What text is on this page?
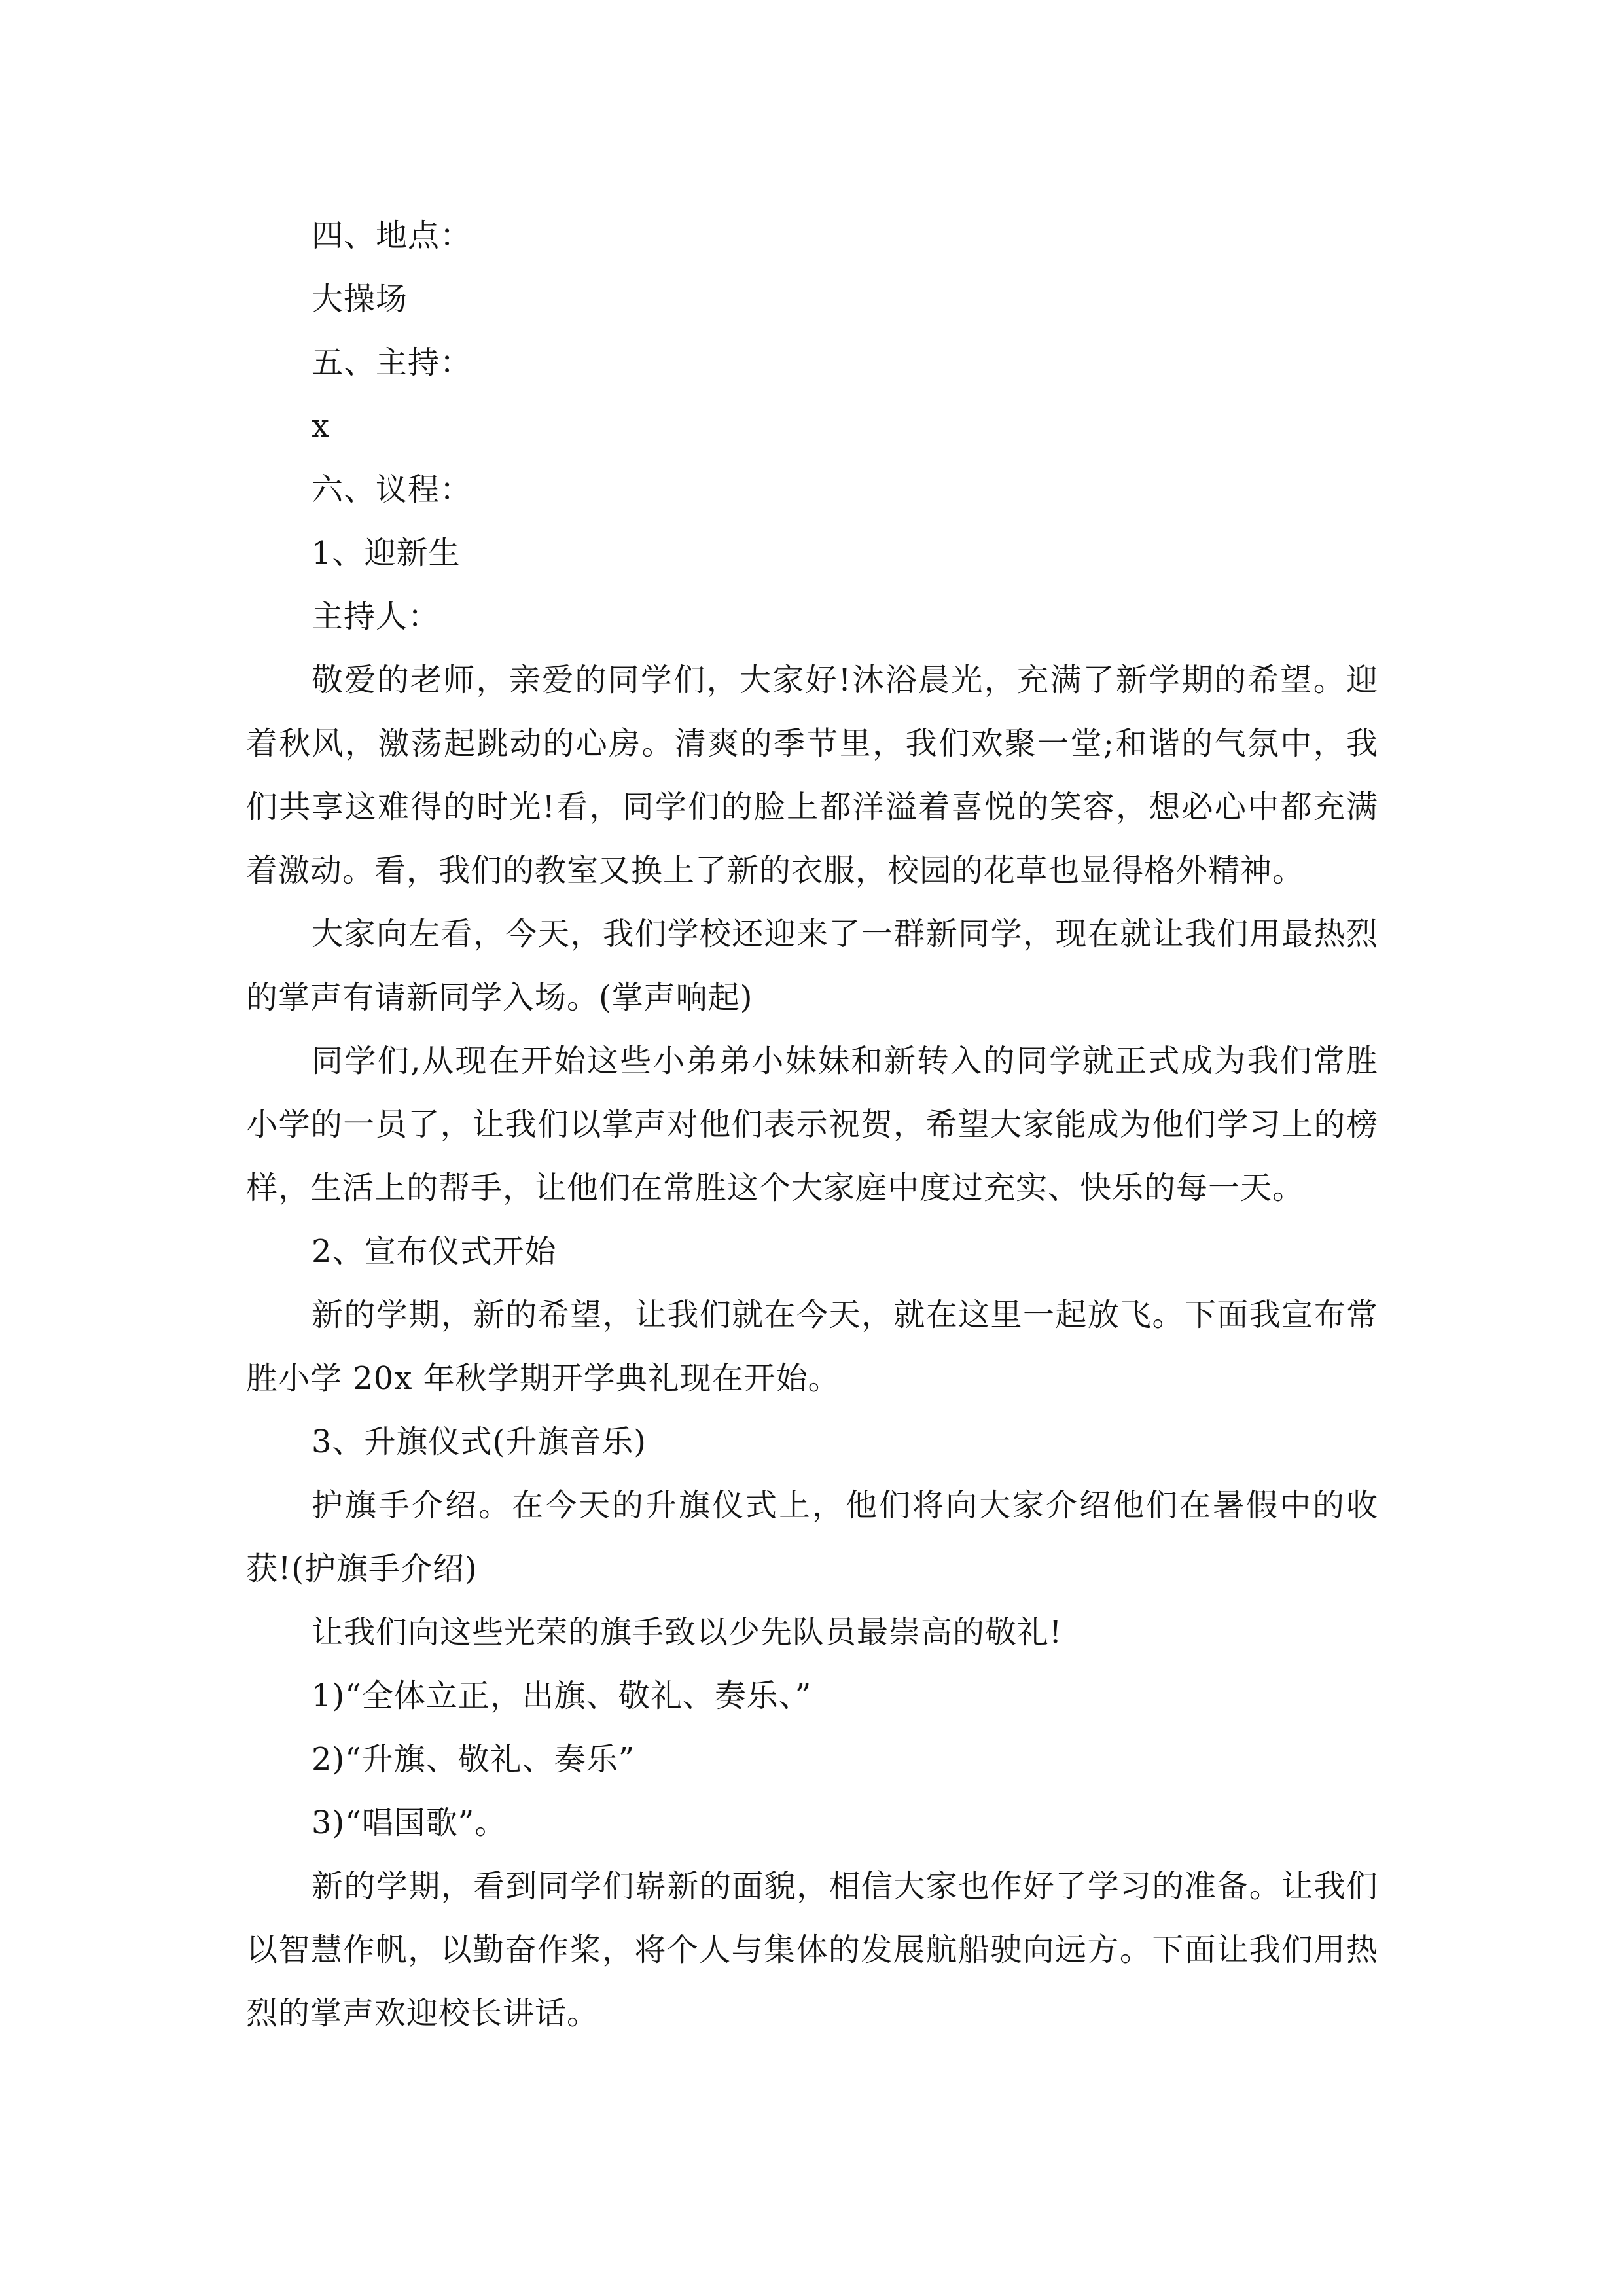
四、地点：

大操场

五、主持：

x

六、议程：

1、迎新生

主持人：

敬爱的老师，亲爱的同学们，大家好!沐浴晨光，充满了新学期的希望。迎着秋风，激荡起跳动的心房。清爽的季节里，我们欢聚一堂;和谐的气氛中，我们共享这难得的时光!看，同学们的脸上都洋溢着喜悦的笑容，想必心中都充满着激动。看，我们的教室又换上了新的衣服，校园的花草也显得格外精神。

大家向左看，今天，我们学校还迎来了一群新同学，现在就让我们用最热烈的掌声有请新同学入场。(掌声响起)

同学们,从现在开始这些小弟弟小妹妹和新转入的同学就正式成为我们常胜小学的一员了，让我们以掌声对他们表示祝贺，希望大家能成为他们学习上的榜样，生活上的帮手，让他们在常胜这个大家庭中度过充实、快乐的每一天。

2、宣布仪式开始

新的学期，新的希望，让我们就在今天，就在这里一起放飞。下面我宣布常胜小学 20x 年秋学期开学典礼现在开始。

3、升旗仪式(升旗音乐)

护旗手介绍。在今天的升旗仪式上，他们将向大家介绍他们在暑假中的收获!(护旗手介绍)

让我们向这些光荣的旗手致以少先队员最崇高的敬礼!

1)“全体立正，出旗、敬礼、奏乐、”

2)“升旗、敬礼、奏乐”

3)“唱国歌”。

新的学期，看到同学们崭新的面貌，相信大家也作好了学习的准备。让我们以智慧作帆，以勤奋作桨，将个人与集体的发展航船驶向远方。下面让我们用热烈的掌声欢迎校长讲话。
